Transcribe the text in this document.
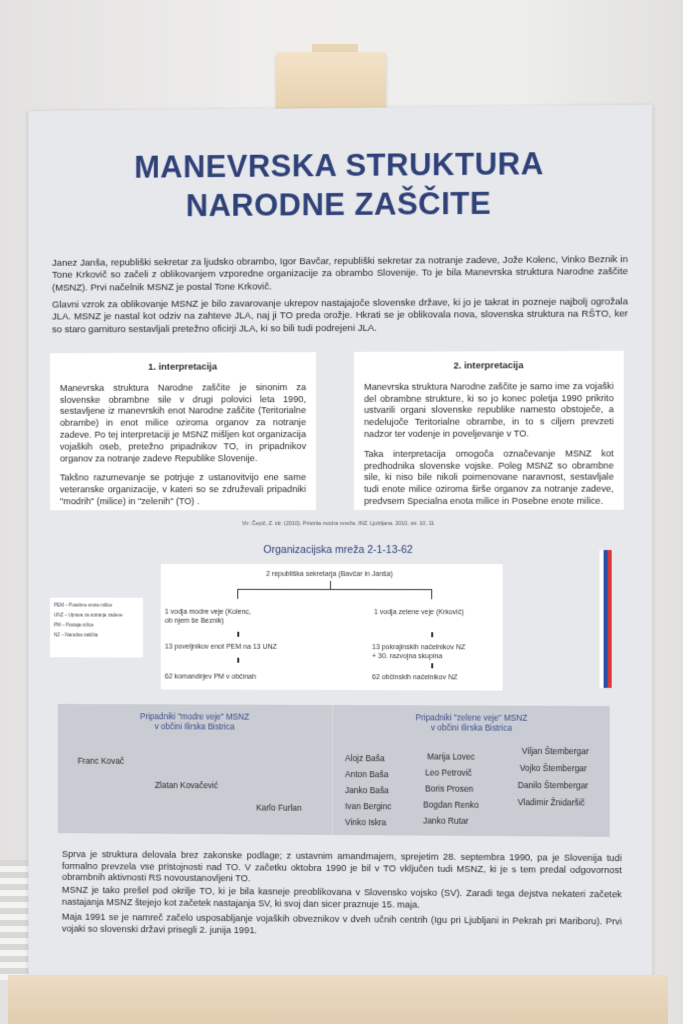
MANEVRSKA STRUKTURA
NARODNE ZAŠČITE
Janez Janša, republiški sekretar za ljudsko obrambo, Igor Bavčar, republiški sekretar za notranje zadeve, Jože Kolenc, Vinko Beznik in Tone Krkovič so začeli z oblikovanjem vzporedne organizacije za obrambo Slovenije. To je bila Manevrska struktura Narodne zaščite (MSNZ). Prvi načelnik MSNZ je postal Tone Krkovič.
Glavni vzrok za oblikovanje MSNZ je bilo zavarovanje ukrepov nastajajoče slovenske države, ki jo je takrat in pozneje najbolj ogrožala JLA. MSNZ je nastal kot odziv na zahteve JLA, naj ji TO preda orožje. Hkrati se je oblikovala nova, slovenska struktura na RŠTO, ker so staro garnituro sestavljali pretežno oficirji JLA, ki so bili tudi podrejeni JLA.
1. interpretacija

Manevrska struktura Narodne zaščite je sinonim za slovenske obrambne sile v drugi polovici leta 1990, sestavljene iz manevrskih enot Narodne zaščite (Teritorialne obrambe) in enot milice oziroma organov za notranje zadeve. Po tej interpretaciji je MSNZ mišljen kot organizacija vojaških oseb, pretežno pripadnikov TO, in pripadnikov organov za notranje zadeve Republike Slovenije.

Takšno razumevanje se potrjuje z ustanovitvijo ene same veteranske organizacije, v kateri so se združevali pripadniki "modrih" (milice) in "zelenih" (TO) .

2. interpretacija

Manevrska struktura Narodne zaščite je samo ime za vojaški del obrambne strukture, ki so jo konec poletja 1990 prikrito ustvarili organi slovenske republike namesto obstoječe, a nedelujoče Teritorialne obrambe, in to s ciljem prevzeti nadzor ter vodenje in poveljevanje v TO.

Taka interpretacija omogoča označevanje MSNZ kot predhodnika slovenske vojske. Poleg MSNZ so obrambne sile, ki niso bile nikoli poimenovane naravnost, sestavljale tudi enote milice oziroma širše organov za notranje zadeve, predvsem Specialna enota milice in Posebne enote milice.

Vir: Čepič, Z. idr. (2010). Pristriia modra mreža. INZ. Ljubljana. 2010, str. 10, 11
Organizacijska mreža 2-1-13-62
PEM – Posebne enote milice
UNZ – Uprava za notranje zadeve
PM – Postaja milice
NZ – Narodna zaščita
2 republiška sekretarja (Bavčar in Janša)
1 vodja modre veje (Kolenc,
ob njem še Beznik)
13 poveljnikov enot PEM na 13 UNZ
62 komandirjev PM v občinah
1 vodja zelene veje (Krkovič)
13 pokrajinskih načelnikov NZ
+ 30. razvojna skupina
62 občinskih načelnikov NZ
Pripadniki "modre veje" MSNZ
v občini Ilirska Bistrica
Franc Kovač
Zlatan Kovačević
Karlo Furlan
Pripadniki "zelene veje" MSNZ
v občini Ilirska Bistrica
Alojz Baša
Anton Baša
Janko Baša
Ivan Berginc
Vinko Iskra
Marija Lovec
Leo Petrovič
Boris Prosen
Bogdan Renko
Janko Rutar
Viljan Štembergar
Vojko Štembergar
Danilo Štembergar
Vladimir Žnidaršič
Sprva je struktura delovala brez zakonske podlage; z ustavnim amandmajem, sprejetim 28. septembra 1990, pa je Slovenija tudi formalno prevzela vse pristojnosti nad TO. V začetku oktobra 1990 je bil v TO vključen tudi MSNZ, ki je s tem predal odgovornost obrambnih aktivnosti RS novoustanovljeni TO.
MSNZ je tako prešel pod okrilje TO, ki je bila kasneje preoblikovana v Slovensko vojsko (SV). Zaradi tega dejstva nekateri začetek nastajanja MSNZ štejejo kot začetek nastajanja SV, ki svoj dan sicer praznuje 15. maja.
Maja 1991 se je namreč začelo usposabljanje vojaških obveznikov v dveh učnih centrih (Igu pri Ljubljani in Pekrah pri Mariboru). Prvi vojaki so slovenski državi prisegli 2. junija 1991.
